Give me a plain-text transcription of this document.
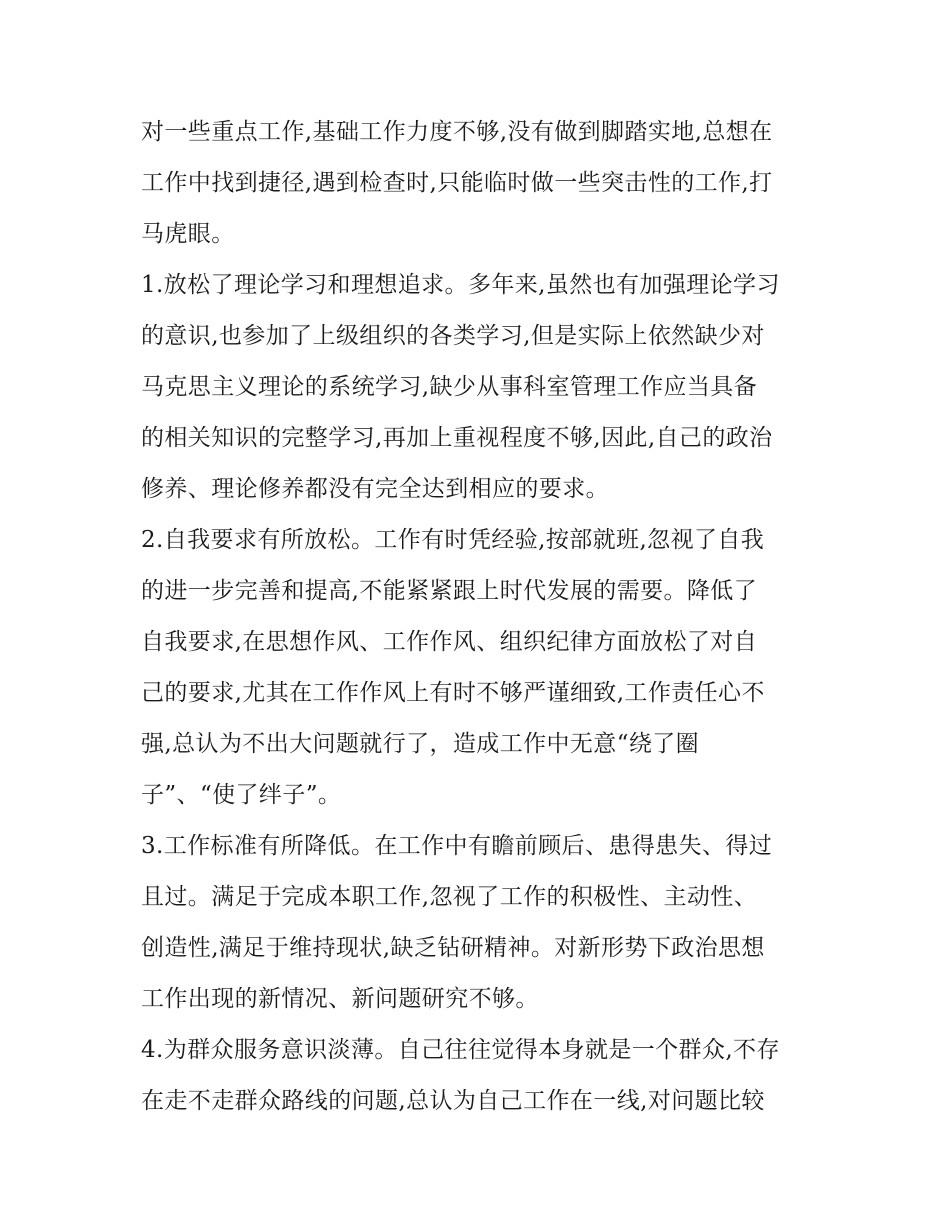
对一些重点工作,基础工作力度不够,没有做到脚踏实地,总想在
工作中找到捷径,遇到检查时,只能临时做一些突击性的工作,打
马虎眼。
1.放松了理论学习和理想追求。多年来,虽然也有加强理论学习
的意识,也参加了上级组织的各类学习,但是实际上依然缺少对
马克思主义理论的系统学习,缺少从事科室管理工作应当具备
的相关知识的完整学习,再加上重视程度不够,因此,自己的政治
修养、理论修养都没有完全达到相应的要求。
2.自我要求有所放松。工作有时凭经验,按部就班,忽视了自我
的进一步完善和提高,不能紧紧跟上时代发展的需要。降低了
自我要求,在思想作风、工作作风、组织纪律方面放松了对自
己的要求,尤其在工作作风上有时不够严谨细致,工作责任心不
强,总认为不出大问题就行了，造成工作中无意“绕了圈
子”、“使了绊子”。
3.工作标准有所降低。在工作中有瞻前顾后、患得患失、得过
且过。满足于完成本职工作,忽视了工作的积极性、主动性、
创造性,满足于维持现状,缺乏钻研精神。对新形势下政治思想
工作出现的新情况、新问题研究不够。
4.为群众服务意识淡薄。自己往往觉得本身就是一个群众,不存
在走不走群众路线的问题,总认为自己工作在一线,对问题比较
